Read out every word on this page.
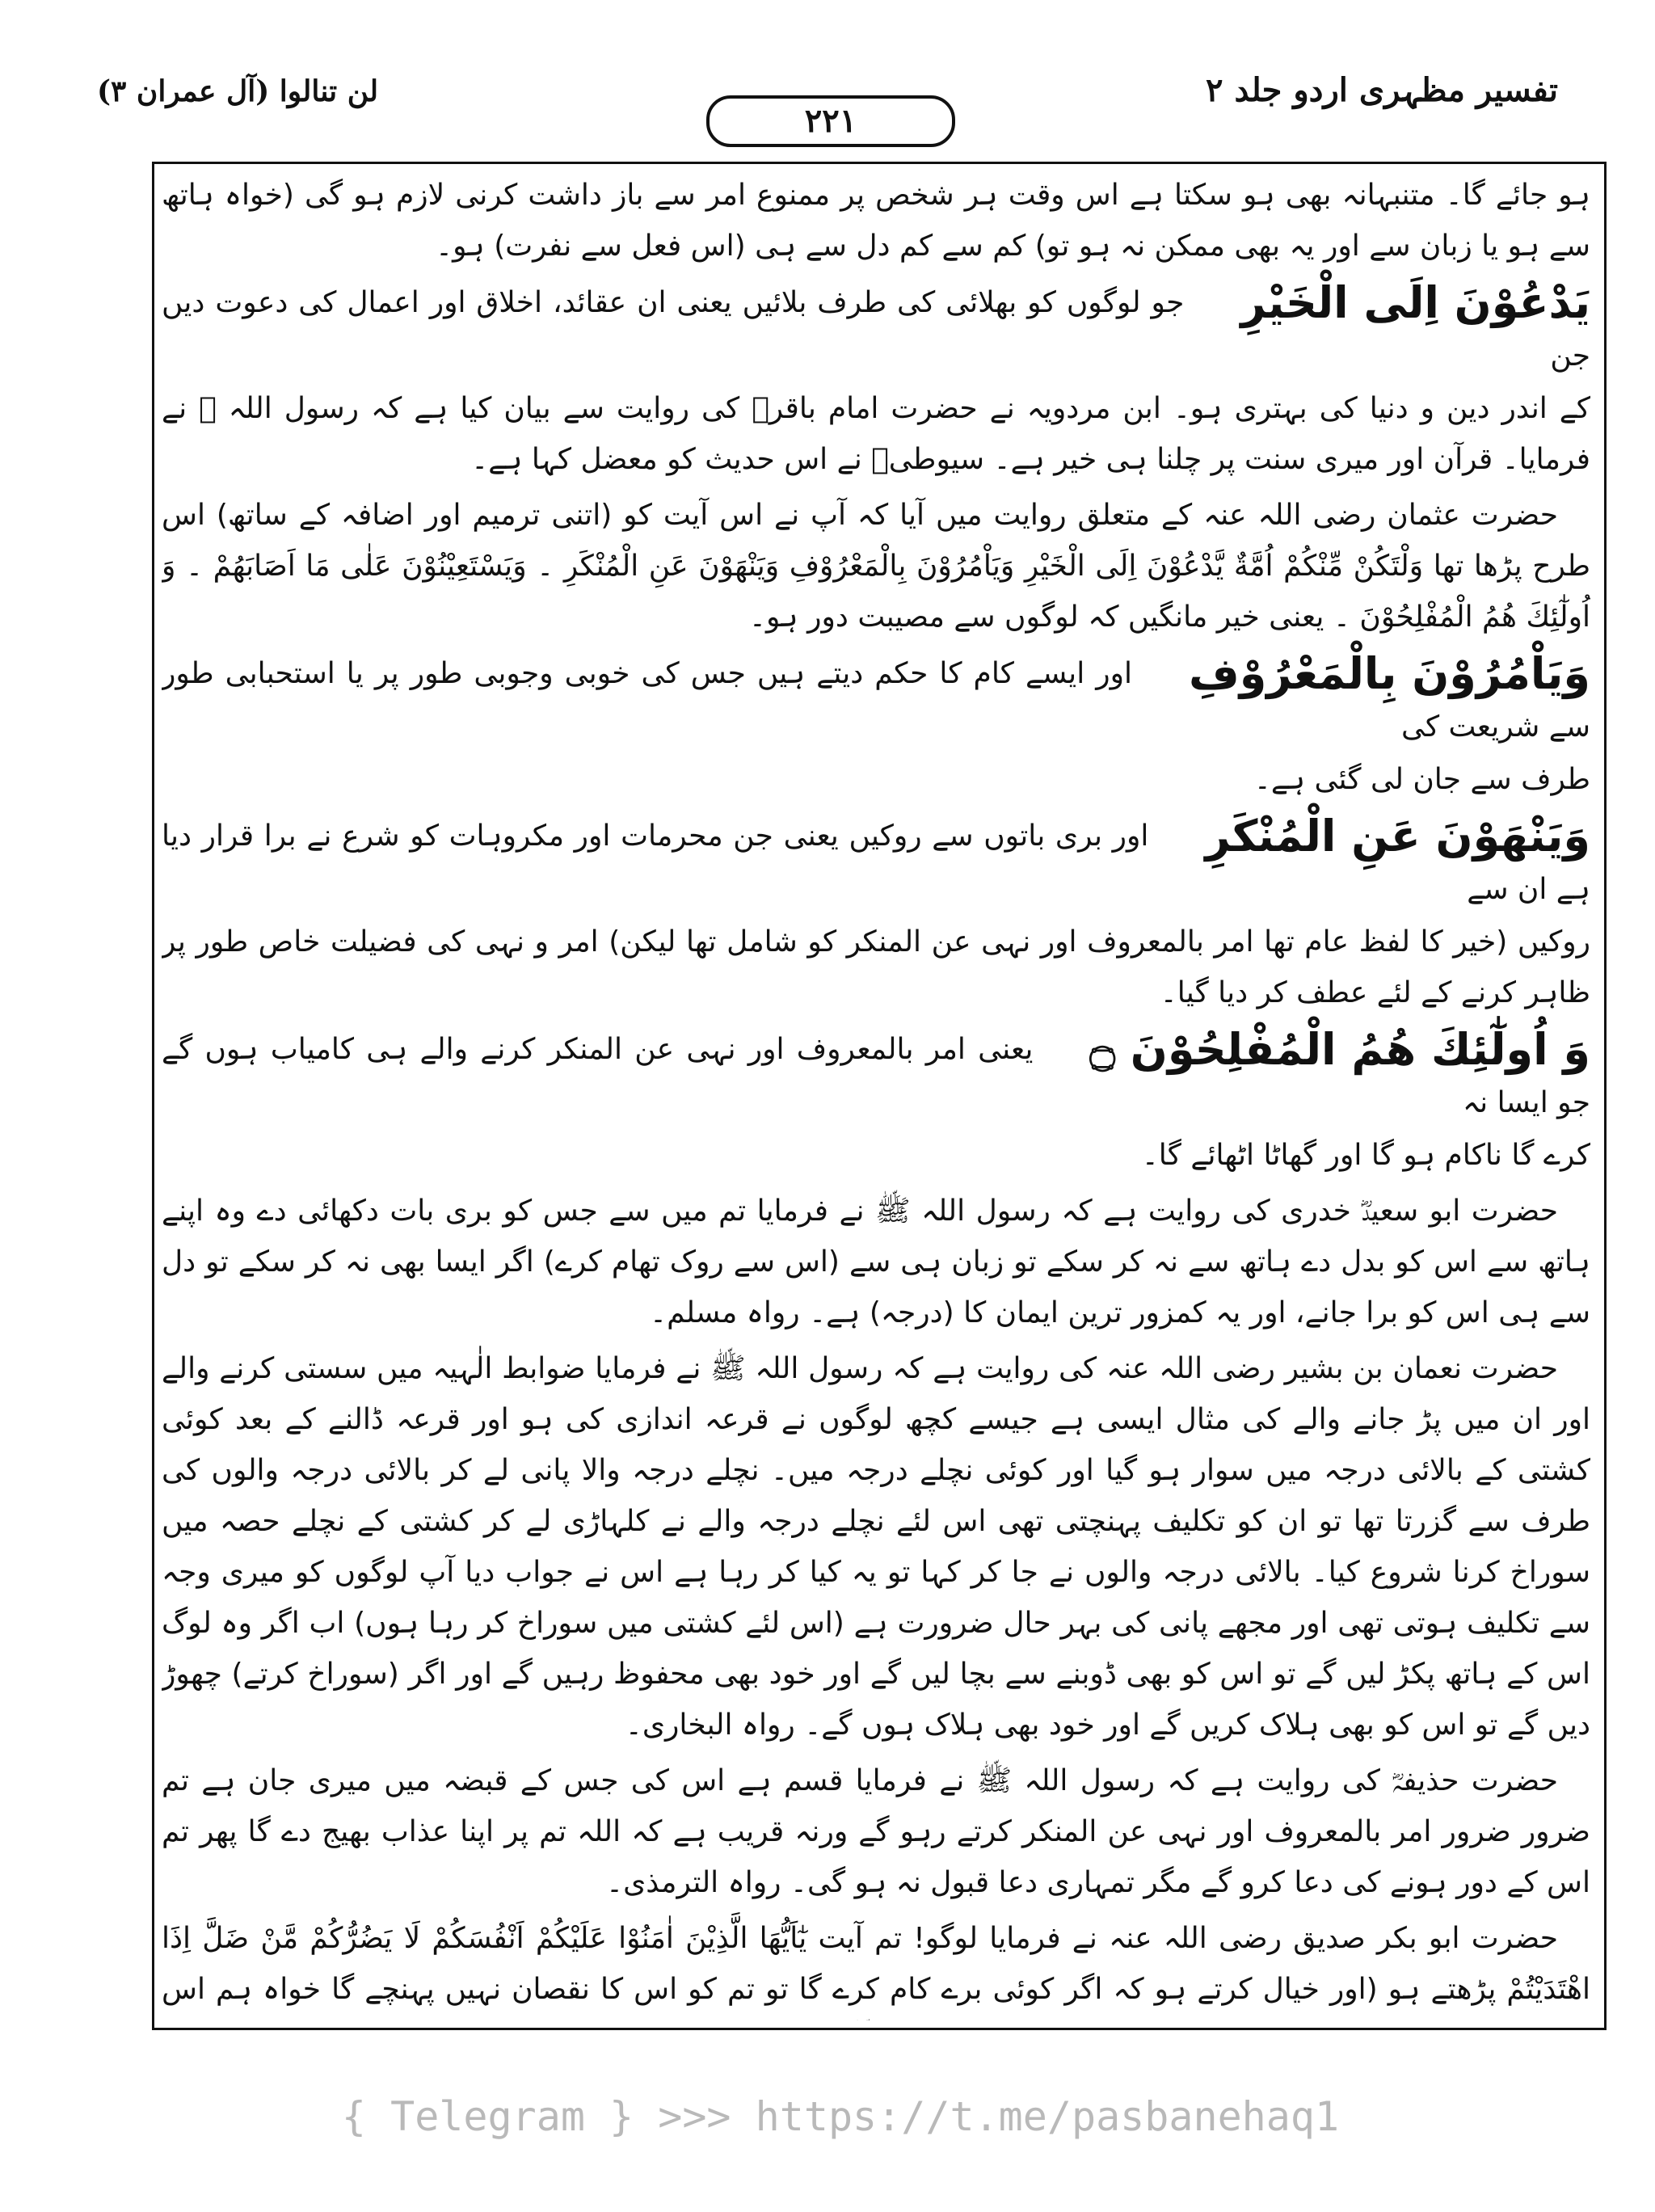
تفسیر مظہری اردو جلد ۲
۲۲۱
لن تنالوا (آل عمران ۳)

ہو جائے گا۔ متنبہانہ بھی ہو سکتا ہے اس وقت ہر شخص پر ممنوع امر سے باز داشت کرنی لازم ہو گی (خواہ ہاتھ سے ہو یا زبان سے اور یہ بھی ممکن نہ ہو تو) کم سے کم دل سے ہی (اس فعل سے نفرت) ہو۔

يَدْعُوْنَ اِلَى الْخَيْرِ
جو لوگوں کو بھلائی کی طرف بلائیں یعنی ان عقائد، اخلاق اور اعمال کی دعوت دیں جن

کے اندر دین و دنیا کی بہتری ہو۔ ابن مردویہ نے حضرت امام باقرؒ کی روایت سے بیان کیا ہے کہ رسول اللہ ﷺ نے فرمایا۔ قرآن اور میری سنت پر چلنا ہی خیر ہے۔ سیوطیؒ نے اس حدیث کو معضل کہا ہے۔

حضرت عثمان رضی اللہ عنہ کے متعلق روایت میں آیا کہ آپ نے اس آیت کو (اتنی ترمیم اور اضافہ کے ساتھ) اس طرح پڑھا تھا وَلْتَكُنْ مِّنْكُمْ اُمَّةٌ يَّدْعُوْنَ اِلَى الْخَيْرِ وَيَاْمُرُوْنَ بِالْمَعْرُوْفِ وَيَنْهَوْنَ عَنِ الْمُنْكَرِ ۔ وَيَسْتَعِيْنُوْنَ عَلٰى مَا اَصَابَهُمْ ۔ وَ اُولٰٓئِكَ هُمُ الْمُفْلِحُوْنَ ۔ یعنی خیر مانگیں کہ لوگوں سے مصیبت دور ہو۔

وَيَاْمُرُوْنَ بِالْمَعْرُوْفِ
اور ایسے کام کا حکم دیتے ہیں جس کی خوبی وجوبی طور پر یا استحبابی طور سے شریعت کی

طرف سے جان لی گئی ہے۔

وَيَنْهَوْنَ عَنِ الْمُنْكَرِ
اور بری باتوں سے روکیں یعنی جن محرمات اور مکروہات کو شرع نے برا قرار دیا ہے ان سے

روکیں (خیر کا لفظ عام تھا امر بالمعروف اور نہی عن المنکر کو شامل تھا لیکن) امر و نہی کی فضیلت خاص طور پر ظاہر کرنے کے لئے عطف کر دیا گیا۔

وَ اُولٰٓئِكَ هُمُ الْمُفْلِحُوْنَ ۝
یعنی امر بالمعروف اور نہی عن المنکر کرنے والے ہی کامیاب ہوں گے جو ایسا نہ

کرے گا ناکام ہو گا اور گھاٹا اٹھائے گا۔

حضرت ابو سعیدؓ خدری کی روایت ہے کہ رسول اللہ ﷺ نے فرمایا تم میں سے جس کو بری بات دکھائی دے وہ اپنے ہاتھ سے اس کو بدل دے ہاتھ سے نہ کر سکے تو زبان ہی سے (اس سے روک تھام کرے) اگر ایسا بھی نہ کر سکے تو دل سے ہی اس کو برا جانے، اور یہ کمزور ترین ایمان کا (درجہ) ہے۔ رواہ مسلم۔

حضرت نعمان بن بشیر رضی اللہ عنہ کی روایت ہے کہ رسول اللہ ﷺ نے فرمایا ضوابط الٰہیہ میں سستی کرنے والے اور ان میں پڑ جانے والے کی مثال ایسی ہے جیسے کچھ لوگوں نے قرعہ اندازی کی ہو اور قرعہ ڈالنے کے بعد کوئی کشتی کے بالائی درجہ میں سوار ہو گیا اور کوئی نچلے درجہ میں۔ نچلے درجہ والا پانی لے کر بالائی درجہ والوں کی طرف سے گزرتا تھا تو ان کو تکلیف پہنچتی تھی اس لئے نچلے درجہ والے نے کلہاڑی لے کر کشتی کے نچلے حصہ میں سوراخ کرنا شروع کیا۔ بالائی درجہ والوں نے جا کر کہا تو یہ کیا کر رہا ہے اس نے جواب دیا آپ لوگوں کو میری وجہ سے تکلیف ہوتی تھی اور مجھے پانی کی بہر حال ضرورت ہے (اس لئے کشتی میں سوراخ کر رہا ہوں) اب اگر وہ لوگ اس کے ہاتھ پکڑ لیں گے تو اس کو بھی ڈوبنے سے بچا لیں گے اور خود بھی محفوظ رہیں گے اور اگر (سوراخ کرتے) چھوڑ دیں گے تو اس کو بھی ہلاک کریں گے اور خود بھی ہلاک ہوں گے۔ رواہ البخاری۔

حضرت حذیفہؓ کی روایت ہے کہ رسول اللہ ﷺ نے فرمایا قسم ہے اس کی جس کے قبضہ میں میری جان ہے تم ضرور ضرور امر بالمعروف اور نہی عن المنکر کرتے رہو گے ورنہ قریب ہے کہ اللہ تم پر اپنا عذاب بھیج دے گا پھر تم اس کے دور ہونے کی دعا کرو گے مگر تمہاری دعا قبول نہ ہو گی۔ رواہ الترمذی۔

حضرت ابو بکر صدیق رضی اللہ عنہ نے فرمایا لوگو! تم آیت يٰٓاَيُّهَا الَّذِيْنَ اٰمَنُوْا عَلَيْكُمْ اَنْفُسَكُمْ لَا يَضُرُّكُمْ مَّنْ ضَلَّ اِذَا اهْتَدَيْتُمْ پڑھتے ہو (اور خیال کرتے ہو کہ اگر کوئی برے کام کرے گا تو تم کو اس کا نقصان نہیں پہنچے گا خواہ ہم اس

{ Telegram } >>> https://t.me/pasbanehaq1
